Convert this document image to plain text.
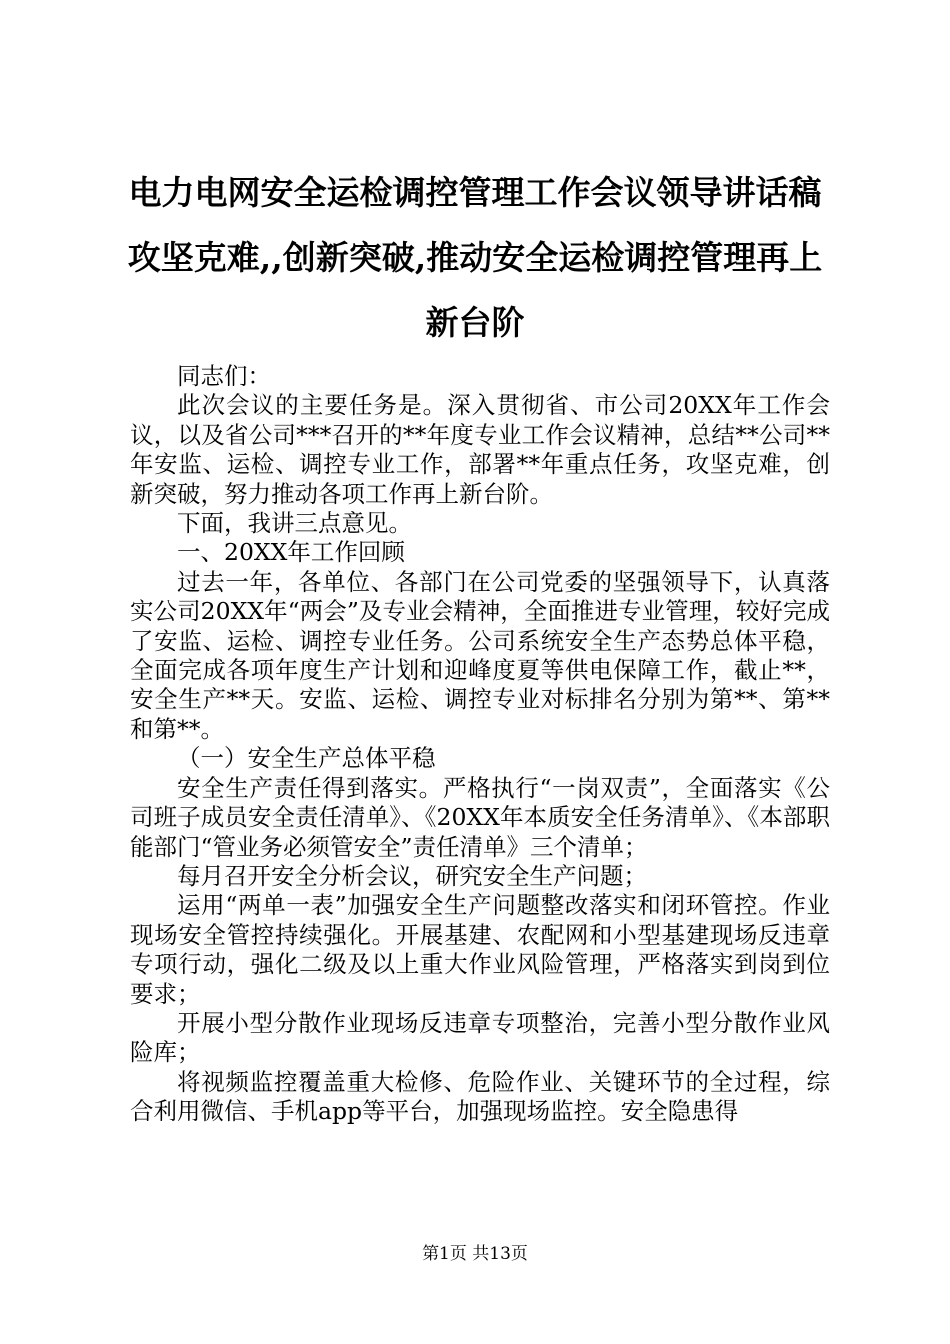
电力电网安全运检调控管理工作会议领导讲话稿攻坚克难,,创新突破,推动安全运检调控管理再上新台阶

同志们：

此次会议的主要任务是。深入贯彻省、市公司20XX年工作会议，以及省公司***召开的**年度专业工作会议精神，总结**公司**年安监、运检、调控专业工作，部署**年重点任务，攻坚克难，创新突破，努力推动各项工作再上新台阶。

下面，我讲三点意见。

一、20XX年工作回顾

过去一年，各单位、各部门在公司党委的坚强领导下，认真落实公司20XX年“两会”及专业会精神，全面推进专业管理，较好完成了安监、运检、调控专业任务。公司系统安全生产态势总体平稳，全面完成各项年度生产计划和迎峰度夏等供电保障工作，截止**，安全生产**天。安监、运检、调控专业对标排名分别为第**、第**和第**。

（一）安全生产总体平稳

安全生产责任得到落实。严格执行“一岗双责”，全面落实《公司班子成员安全责任清单》、《20XX年本质安全任务清单》、《本部职能部门“管业务必须管安全”责任清单》三个清单；

每月召开安全分析会议，研究安全生产问题；

运用“两单一表”加强安全生产问题整改落实和闭环管控。作业现场安全管控持续强化。开展基建、农配网和小型基建现场反违章专项行动，强化二级及以上重大作业风险管理，严格落实到岗到位要求；

开展小型分散作业现场反违章专项整治，完善小型分散作业风险库；

将视频监控覆盖重大检修、危险作业、关键环节的全过程，综合利用微信、手机app等平台，加强现场监控。安全隐患得

第1页 共13页
